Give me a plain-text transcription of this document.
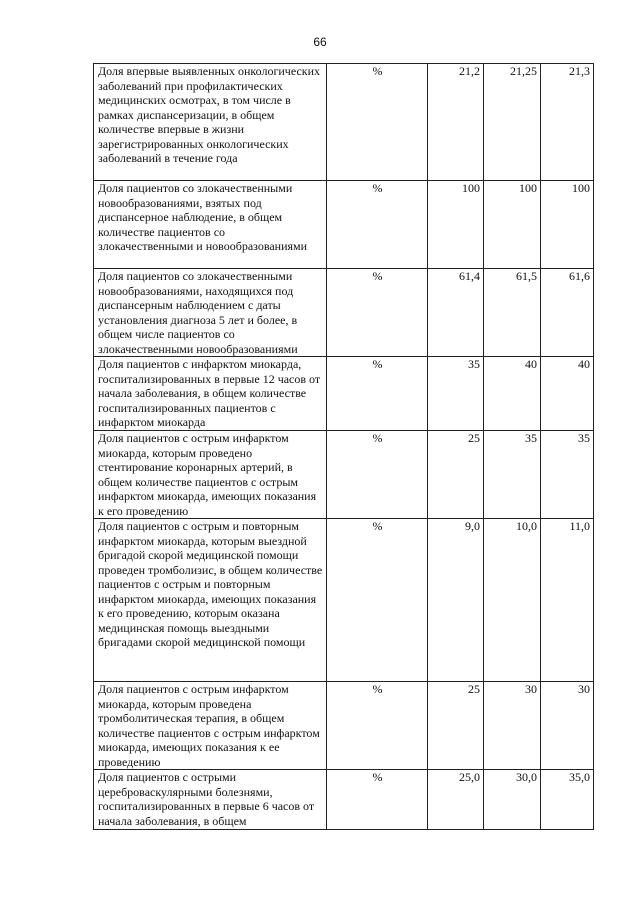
66
Доля впервые выявленных онкологических заболеваний при профилактических медицинских осмотрах, в том числе в рамках диспансеризации, в общем количестве впервые в жизни зарегистрированных онкологических заболеваний в течение года	%	21,2	21,25	21,3
Доля пациентов со злокачественными новообразованиями, взятых под диспансерное наблюдение, в общем количестве пациентов со злокачественными и новообразованиями	%	100	100	100
Доля пациентов со злокачественными новообразованиями, находящихся под диспансерным наблюдением с даты установления диагноза 5 лет и более, в общем числе пациентов со злокачественными новообразованиями	%	61,4	61,5	61,6
Доля пациентов с инфарктом миокарда, госпитализированных в первые 12 часов от начала заболевания, в общем количестве госпитализированных пациентов с инфарктом миокарда	%	35	40	40
Доля пациентов с острым инфарктом миокарда, которым проведено стентирование коронарных артерий, в общем количестве пациентов с острым инфарктом миокарда, имеющих показания к его проведению	%	25	35	35
Доля пациентов с острым и повторным инфарктом миокарда, которым выездной бригадой скорой медицинской помощи проведен тромболизис, в общем количестве пациентов с острым и повторным инфарктом миокарда, имеющих показания к его проведению, которым оказана медицинская помощь выездными бригадами скорой медицинской помощи	%	9,0	10,0	11,0
Доля пациентов с острым инфарктом миокарда, которым проведена тромболитическая терапия, в общем количестве пациентов с острым инфарктом миокарда, имеющих показания к ее проведению	%	25	30	30
Доля пациентов с острыми цереброваскулярными болезнями, госпитализированных в первые 6 часов от начала заболевания, в общем	%	25,0	30,0	35,0
